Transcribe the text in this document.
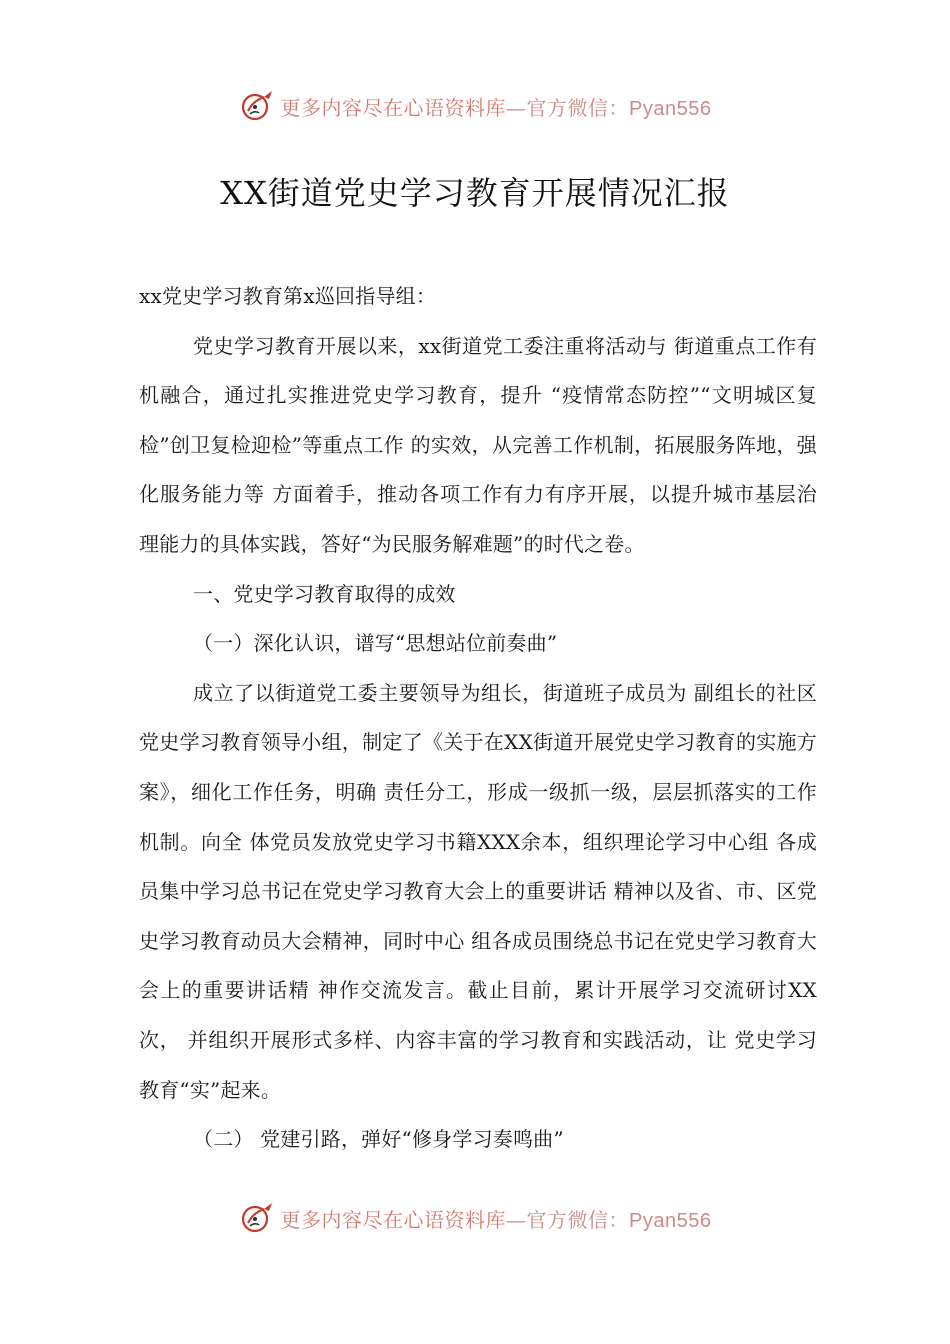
更多内容尽在心语资料库—官方微信：Pyan556
XX街道党史学习教育开展情况汇报

xx党史学习教育第x巡回指导组：

党史学习教育开展以来，xx街道党工委注重将活动与 街道重点工作有机融合，通过扎实推进党史学习教育，提升 “疫情常态防控”“文明城区复检”创卫复检迎检”等重点工作 的实效，从完善工作机制，拓展服务阵地，强化服务能力等 方面着手，推动各项工作有力有序开展，以提升城市基层治 理能力的具体实践，答好“为民服务解难题”的时代之卷。

一、党史学习教育取得的成效

（一）深化认识，谱写“思想站位前奏曲”

成立了以街道党工委主要领导为组长，街道班子成员为 副组长的社区党史学习教育领导小组，制定了《关于在XX街道开展党史学习教育的实施方案》，细化工作任务，明确 责任分工，形成一级抓一级，层层抓落实的工作机制。向全 体党员发放党史学习书籍XXX余本，组织理论学习中心组 各成员集中学习总书记在党史学习教育大会上的重要讲话 精神以及省、市、区党史学习教育动员大会精神，同时中心 组各成员围绕总书记在党史学习教育大会上的重要讲话精 神作交流发言。截止目前，累计开展学习交流研讨XX次， 并组织开展形式多样、内容丰富的学习教育和实践活动，让 党史学习教育“实”起来。

（二） 党建引路，弹好“修身学习奏鸣曲”

更多内容尽在心语资料库—官方微信：Pyan556
